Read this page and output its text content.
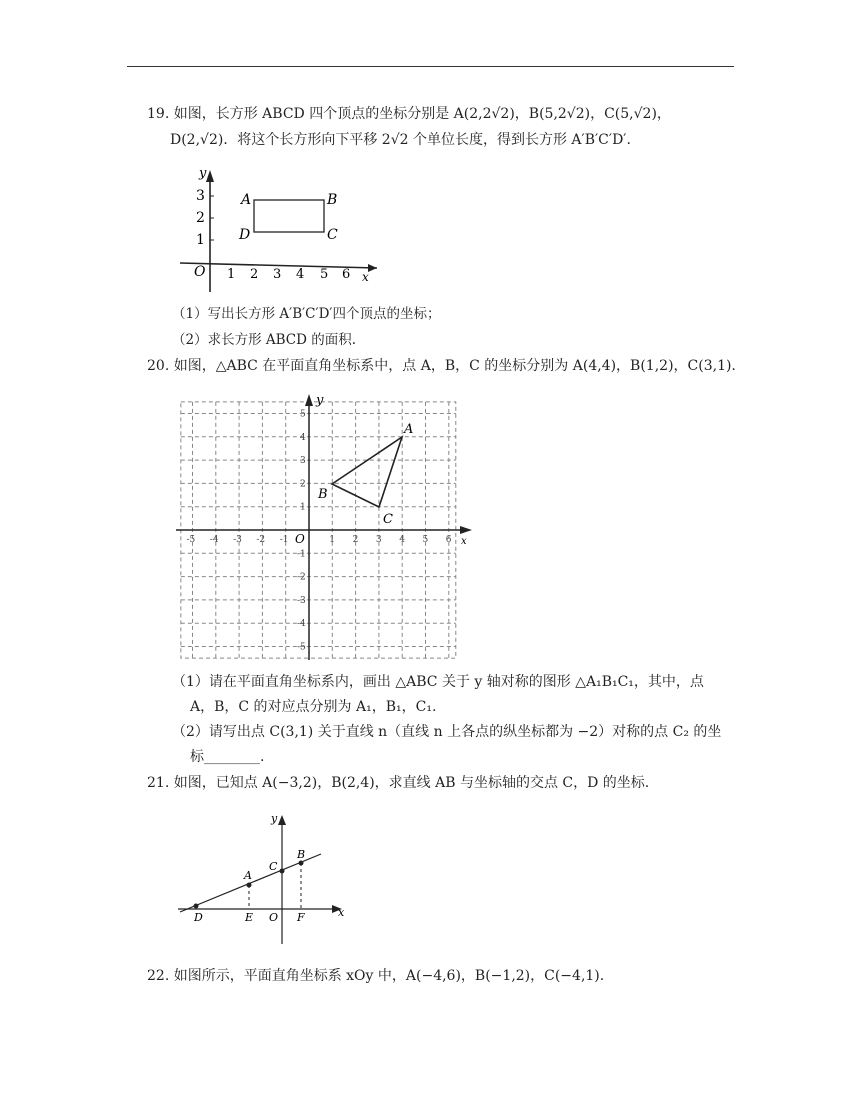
19. 如图，长方形 ABCD 四个顶点的坐标分别是 A(2,2√2)，B(5,2√2)，C(5,√2)，
D(2,√2)．将这个长方形向下平移 2√2 个单位长度，得到长方形 A′B′C′D′.
y
x
O
3
2
1
1 2 3 4 5 6
A	B
C
D
（1）写出长方形 A′B′C′D′四个顶点的坐标；
（2）求长方形 ABCD 的面积.
20. 如图，△ABC 在平面直角坐标系中，点 A，B，C 的坐标分别为 A(4,4)，B(1,2)，C(3,1).
y
x
O
-5 -4 -3 -2 -1	1 2 3 4 5 6
5
4
3
2
1
-1
-2
-3
-4
-5
A
B
C
（1）请在平面直角坐标系内，画出 △ABC 关于 y 轴对称的图形 △A₁B₁C₁，其中，点
A，B，C 的对应点分别为 A₁，B₁，C₁.
（2）请写出点 C(3,1) 关于直线 n（直线 n 上各点的纵坐标都为 −2）对称的点 C₂ 的坐
标________.
21. 如图，已知点 A(−3,2)，B(2,4)，求直线 AB 与坐标轴的交点 C，D 的坐标.
y
x
A
B
C
D	E O F
22. 如图所示，平面直角坐标系 xOy 中，A(−4,6)，B(−1,2)，C(−4,1).
